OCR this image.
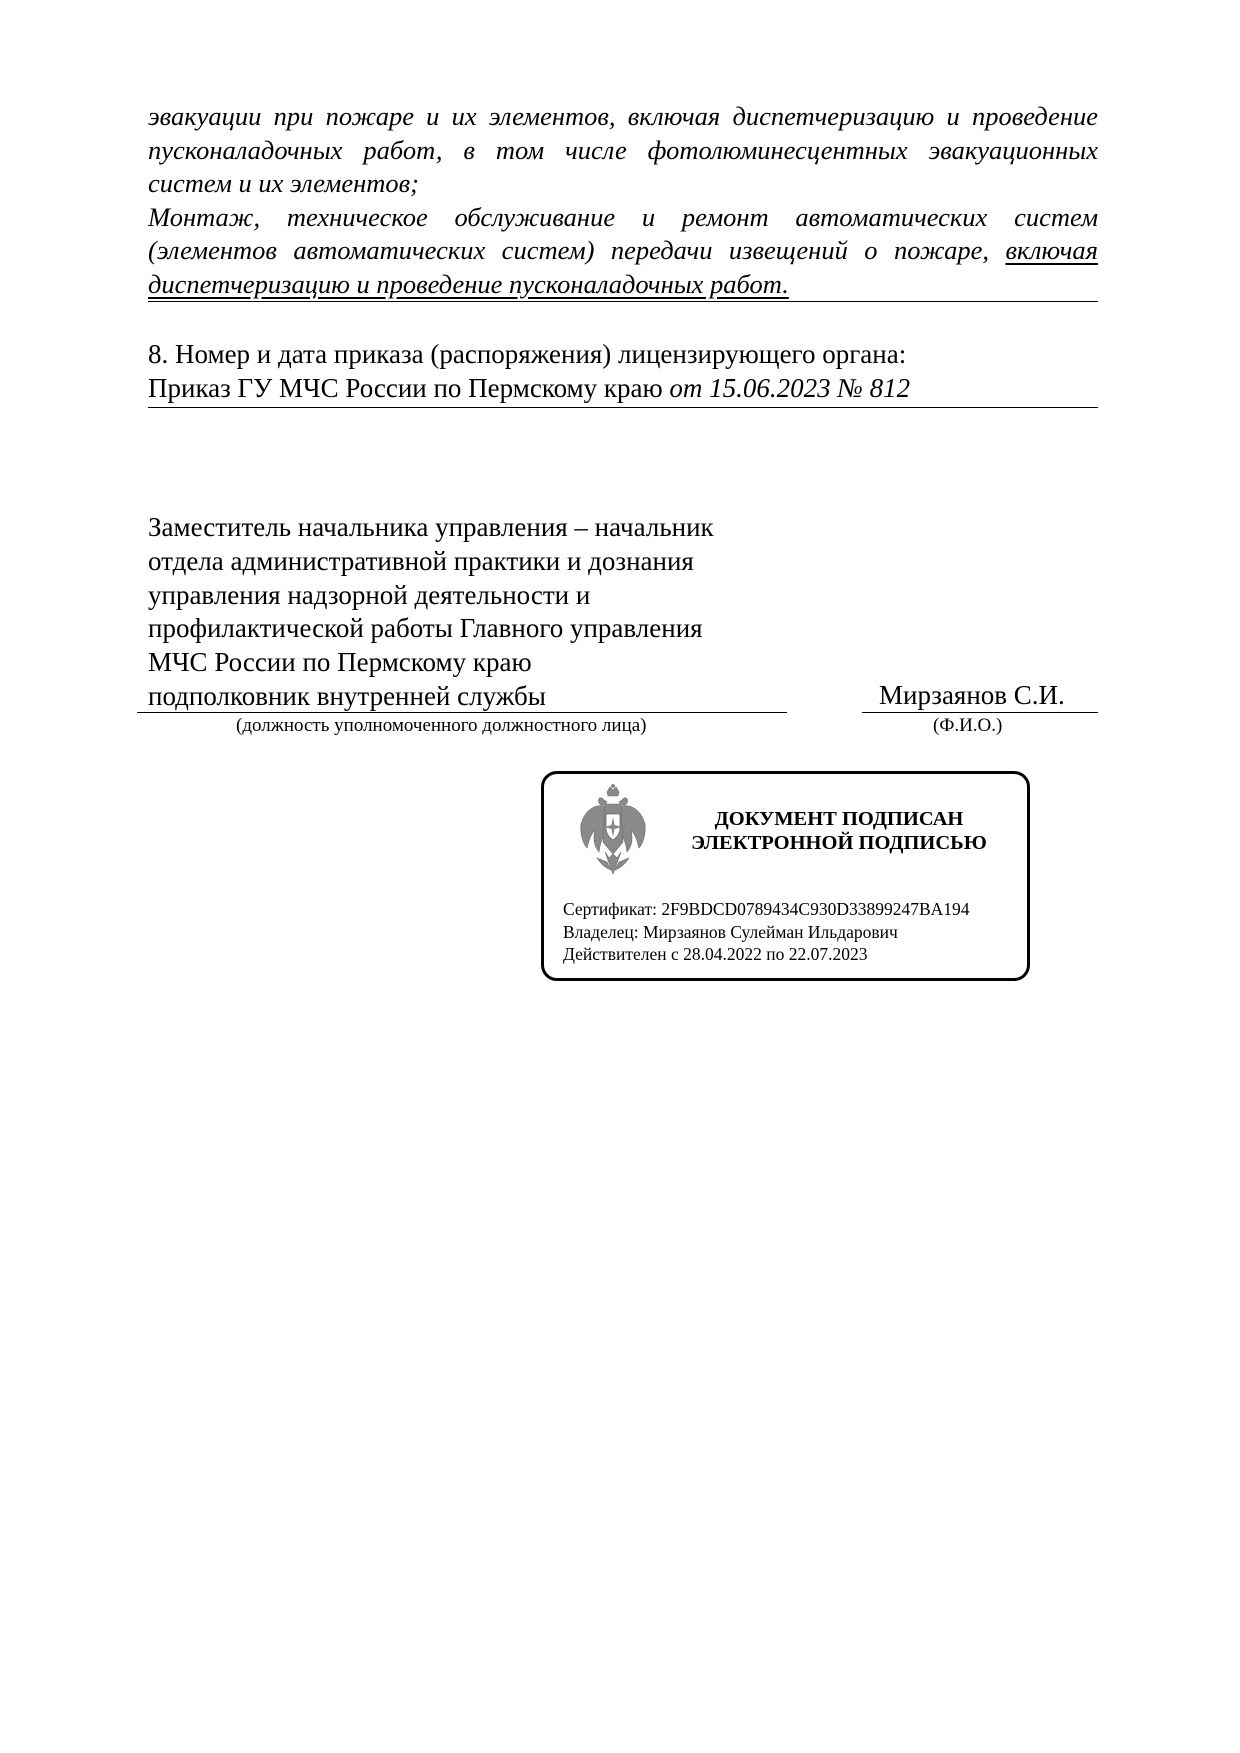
эвакуации при пожаре и их элементов, включая диспетчеризацию и проведение пусконаладочных работ, в том числе фотолюминесцентных эвакуационных систем и их элементов;

Монтаж, техническое обслуживание и ремонт автоматических систем (элементов автоматических систем) передачи извещений о пожаре, включая диспетчеризацию и проведение пусконаладочных работ.

8. Номер и дата приказа (распоряжения) лицензирующего органа:
Приказ ГУ МЧС России по Пермскому краю от 15.06.2023 № 812
Заместитель начальника управления – начальник
отдела административной практики и дознания
управления надзорной деятельности и
профилактической работы Главного управления
МЧС России по Пермскому краю
подполковник внутренней службы	Мирзаянов С.И.
(должность уполномоченного должностного лица)	(Ф.И.О.)
ДОКУМЕНТ ПОДПИСАН
ЭЛЕКТРОННОЙ ПОДПИСЬЮ
Сертификат: 2F9BDCD0789434C930D33899247BA194
Владелец: Мирзаянов Сулейман Ильдарович
Действителен с 28.04.2022 по 22.07.2023
